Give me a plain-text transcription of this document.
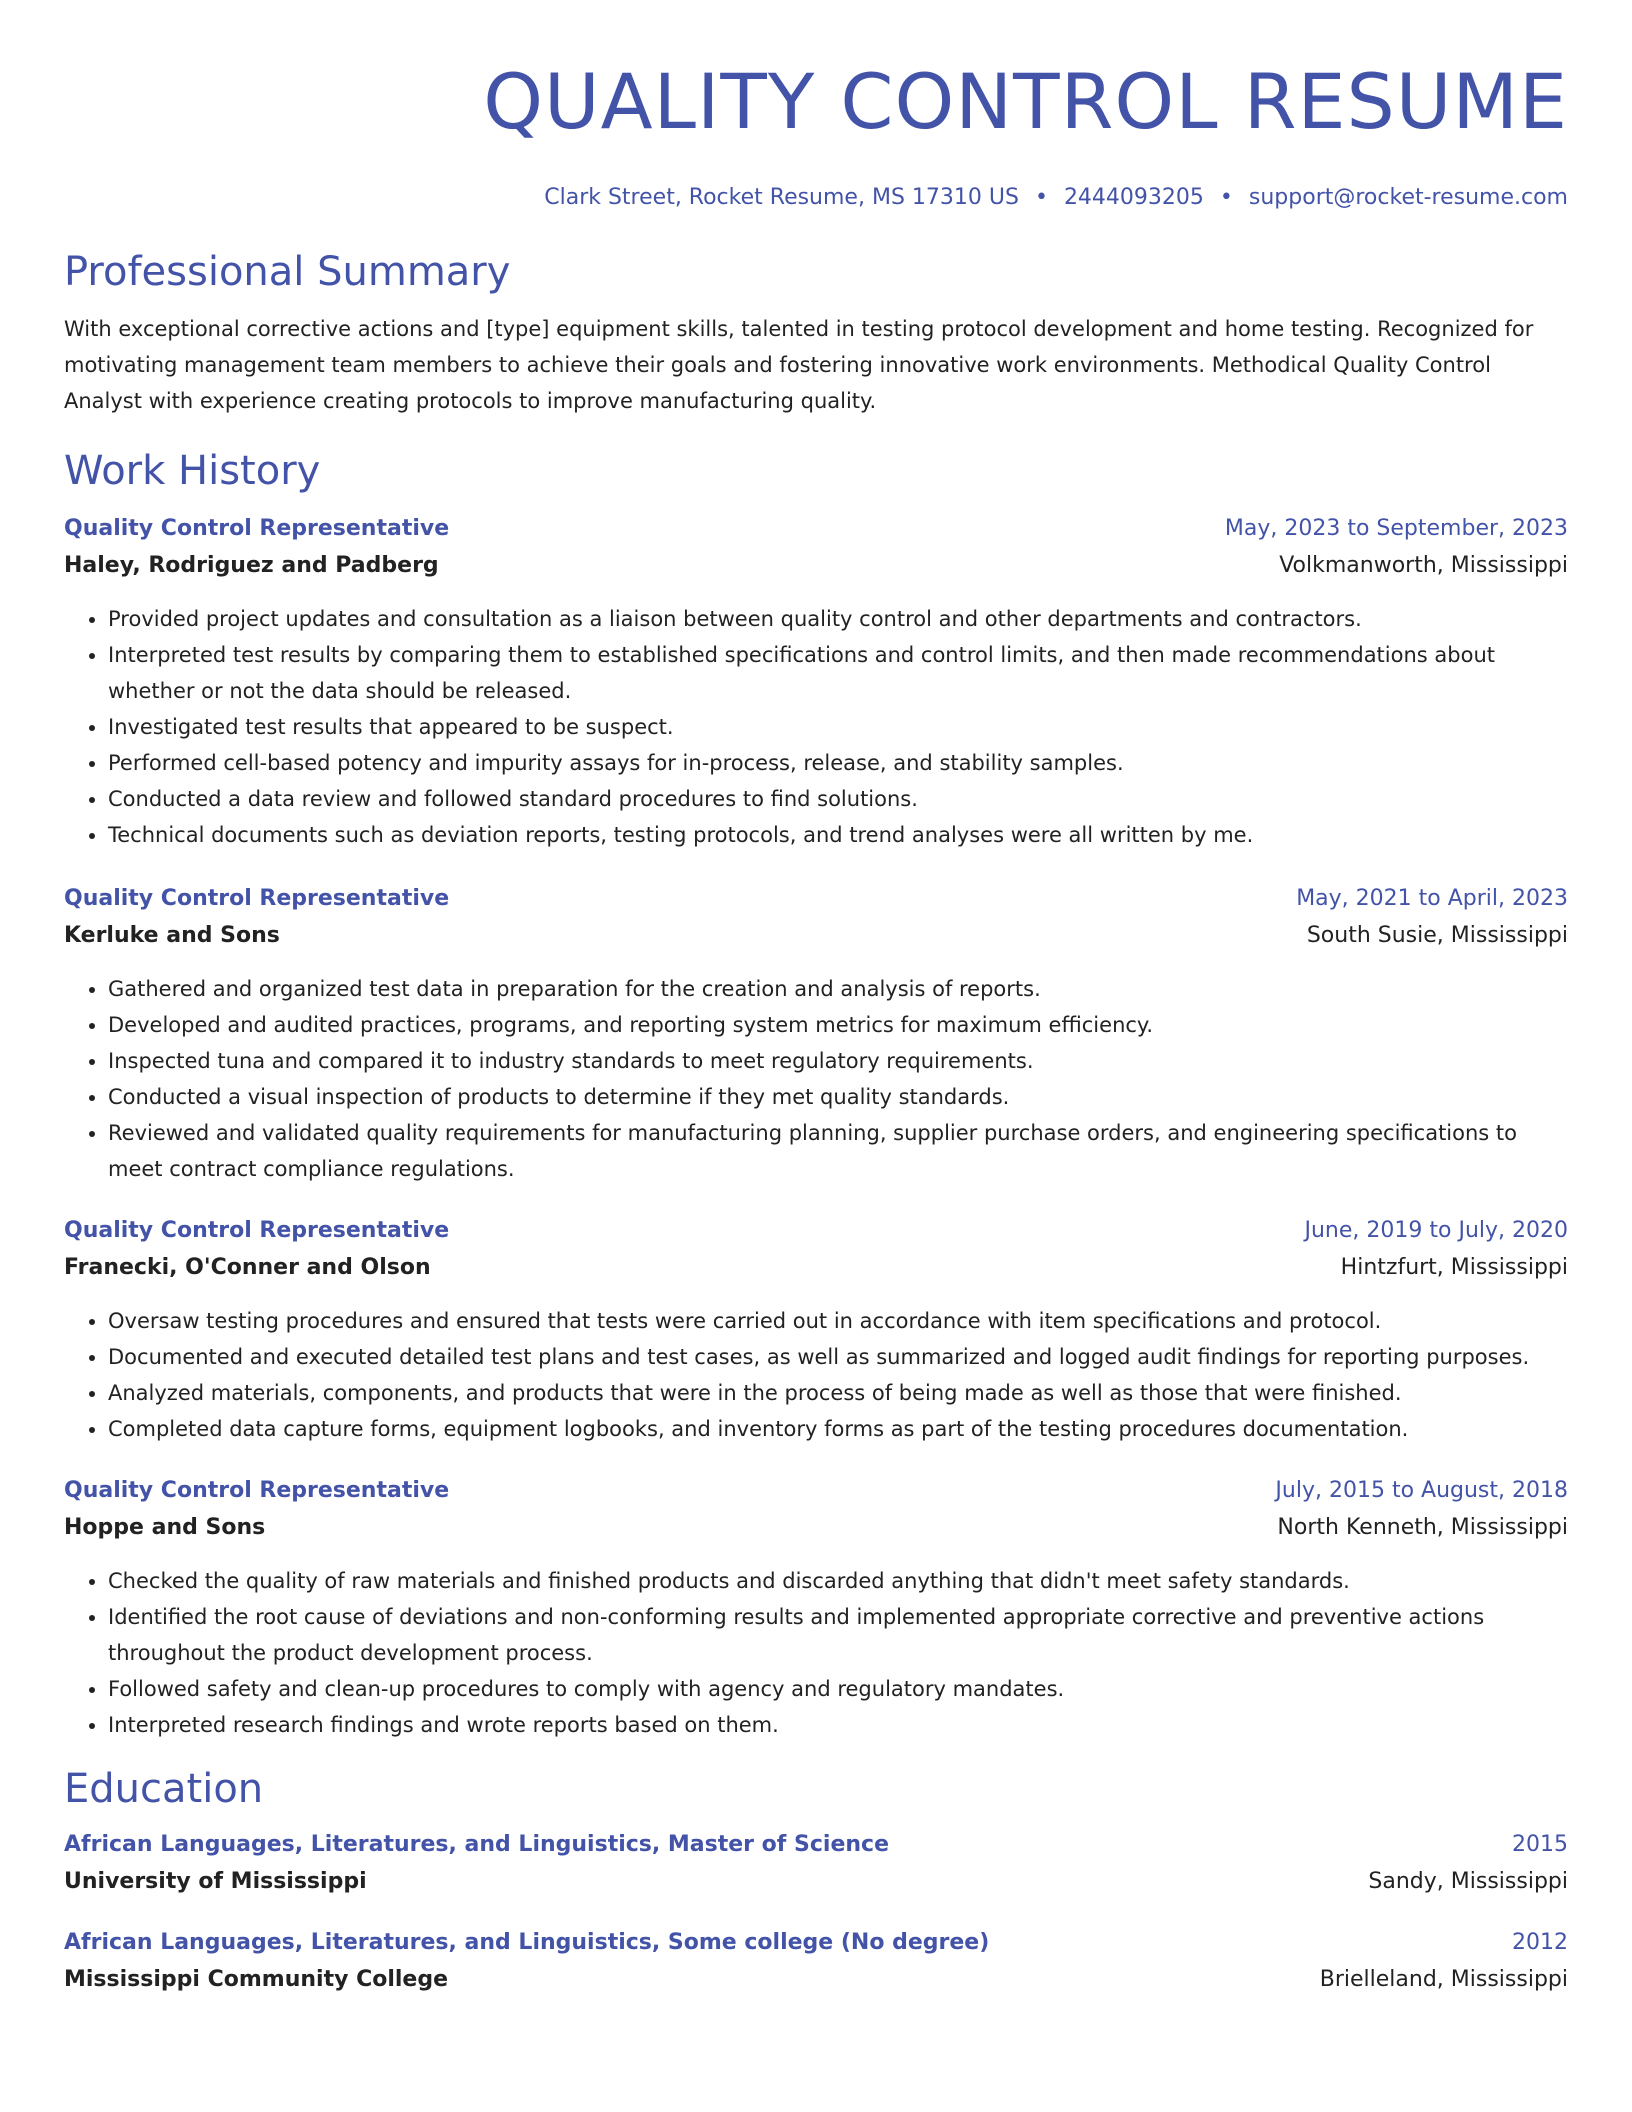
QUALITY CONTROL RESUME
Clark Street, Rocket Resume, MS 17310 US • 2444093205 • support@rocket-resume.com
Professional Summary
With exceptional corrective actions and [type] equipment skills, talented in testing protocol development and home testing. Recognized for motivating management team members to achieve their goals and fostering innovative work environments. Methodical Quality Control Analyst with experience creating protocols to improve manufacturing quality.
Work History
Quality Control Representative	May, 2023 to September, 2023
Haley, Rodriguez and Padberg	Volkmanworth, Mississippi
• Provided project updates and consultation as a liaison between quality control and other departments and contractors.
• Interpreted test results by comparing them to established specifications and control limits, and then made recommendations about whether or not the data should be released.
• Investigated test results that appeared to be suspect.
• Performed cell-based potency and impurity assays for in-process, release, and stability samples.
• Conducted a data review and followed standard procedures to find solutions.
• Technical documents such as deviation reports, testing protocols, and trend analyses were all written by me.
Quality Control Representative	May, 2021 to April, 2023
Kerluke and Sons	South Susie, Mississippi
• Gathered and organized test data in preparation for the creation and analysis of reports.
• Developed and audited practices, programs, and reporting system metrics for maximum efficiency.
• Inspected tuna and compared it to industry standards to meet regulatory requirements.
• Conducted a visual inspection of products to determine if they met quality standards.
• Reviewed and validated quality requirements for manufacturing planning, supplier purchase orders, and engineering specifications to meet contract compliance regulations.
Quality Control Representative	June, 2019 to July, 2020
Franecki, O'Conner and Olson	Hintzfurt, Mississippi
• Oversaw testing procedures and ensured that tests were carried out in accordance with item specifications and protocol.
• Documented and executed detailed test plans and test cases, as well as summarized and logged audit findings for reporting purposes.
• Analyzed materials, components, and products that were in the process of being made as well as those that were finished.
• Completed data capture forms, equipment logbooks, and inventory forms as part of the testing procedures documentation.
Quality Control Representative	July, 2015 to August, 2018
Hoppe and Sons	North Kenneth, Mississippi
• Checked the quality of raw materials and finished products and discarded anything that didn't meet safety standards.
• Identified the root cause of deviations and non-conforming results and implemented appropriate corrective and preventive actions throughout the product development process.
• Followed safety and clean-up procedures to comply with agency and regulatory mandates.
• Interpreted research findings and wrote reports based on them.
Education
African Languages, Literatures, and Linguistics, Master of Science	2015
University of Mississippi	Sandy, Mississippi
African Languages, Literatures, and Linguistics, Some college (No degree)	2012
Mississippi Community College	Brielleland, Mississippi
